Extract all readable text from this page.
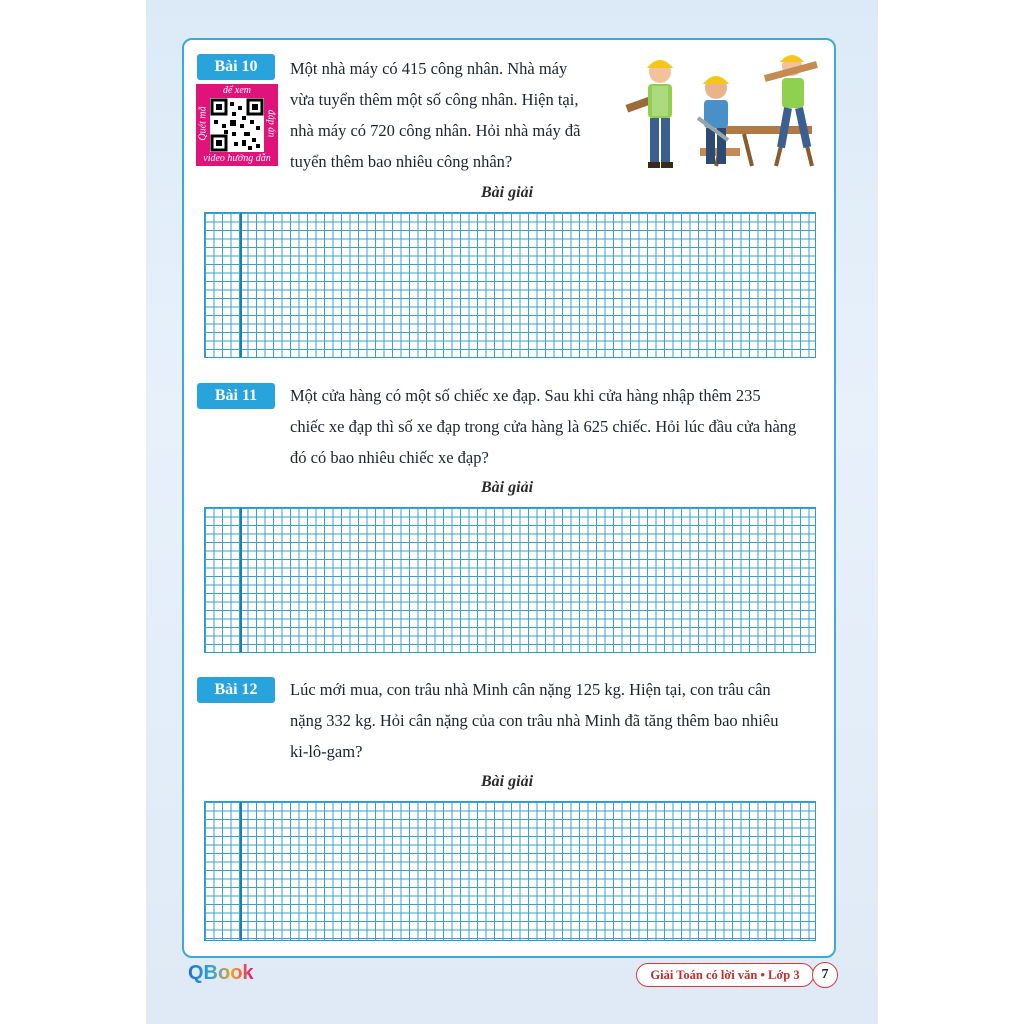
Bài 10
để xem
Quét mã	đáp án
video hướng dẫn
Một nhà máy có 415 công nhân. Nhà máy
vừa tuyển thêm một số công nhân. Hiện tại,
nhà máy có 720 công nhân. Hỏi nhà máy đã
tuyển thêm bao nhiêu công nhân?
Bài giải
Bài 11	Một cửa hàng có một số chiếc xe đạp. Sau khi cửa hàng nhập thêm 235
chiếc xe đạp thì số xe đạp trong cửa hàng là 625 chiếc. Hỏi lúc đầu cửa hàng
đó có bao nhiêu chiếc xe đạp?
Bài giải
Bài 12	Lúc mới mua, con trâu nhà Minh cân nặng 125 kg. Hiện tại, con trâu cân
nặng 332 kg. Hỏi cân nặng của con trâu nhà Minh đã tăng thêm bao nhiêu
ki-lô-gam?
Bài giải
QBook	Giải Toán có lời văn • Lớp 3	7
